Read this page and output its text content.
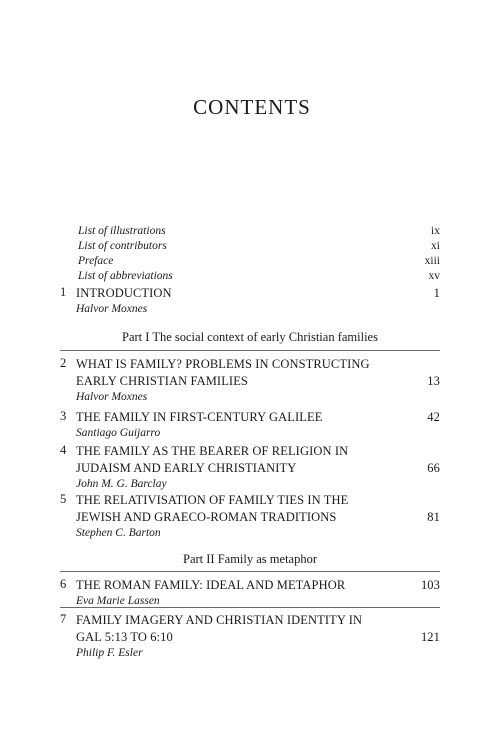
CONTENTS
List of illustrations	ix
List of contributors	xi
Preface	xiii
List of abbreviations	xv
1 INTRODUCTION	1
Halvor Moxnes
Part I The social context of early Christian families
2 WHAT IS FAMILY? PROBLEMS IN CONSTRUCTING
EARLY CHRISTIAN FAMILIES	13
Halvor Moxnes
3 THE FAMILY IN FIRST-CENTURY GALILEE	42
Santiago Guijarro
4 THE FAMILY AS THE BEARER OF RELIGION IN
JUDAISM AND EARLY CHRISTIANITY	66
John M. G. Barclay
5 THE RELATIVISATION OF FAMILY TIES IN THE
JEWISH AND GRAECO-ROMAN TRADITIONS	81
Stephen C. Barton
Part II Family as metaphor
6 THE ROMAN FAMILY: IDEAL AND METAPHOR	103
Eva Marie Lassen
7 FAMILY IMAGERY AND CHRISTIAN IDENTITY IN
GAL 5:13 TO 6:10	121
Philip F. Esler
